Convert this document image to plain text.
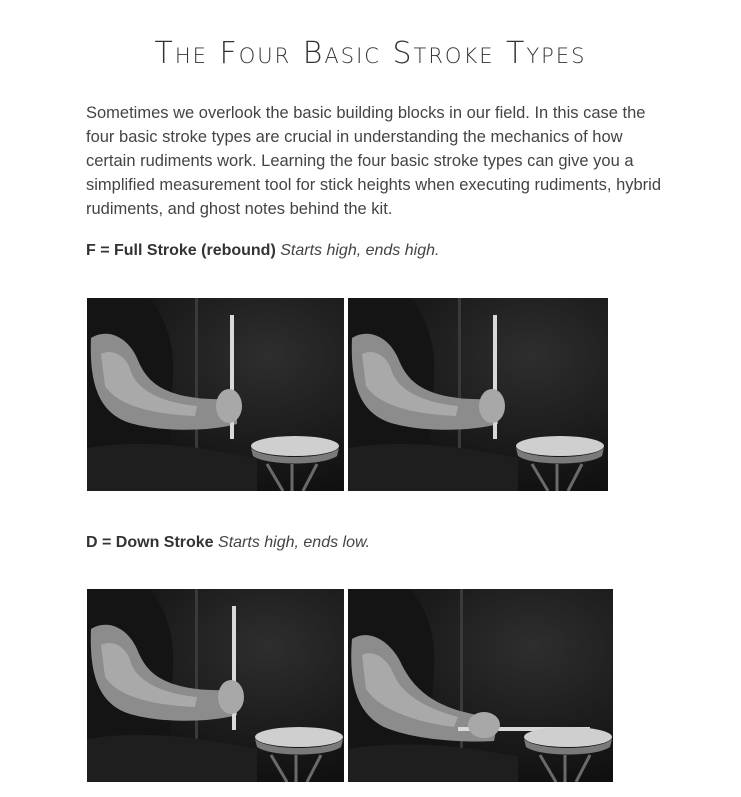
The Four Basic Stroke Types
Sometimes we overlook the basic building blocks in our field. In this case the four basic stroke types are crucial in understanding the mechanics of how certain rudiments work. Learning the four basic stroke types can give you a simplified measurement tool for stick heights when executing rudiments, hybrid rudiments, and ghost notes behind the kit.
F = Full Stroke (rebound) Starts high, ends high.
D = Down Stroke Starts high, ends low.
